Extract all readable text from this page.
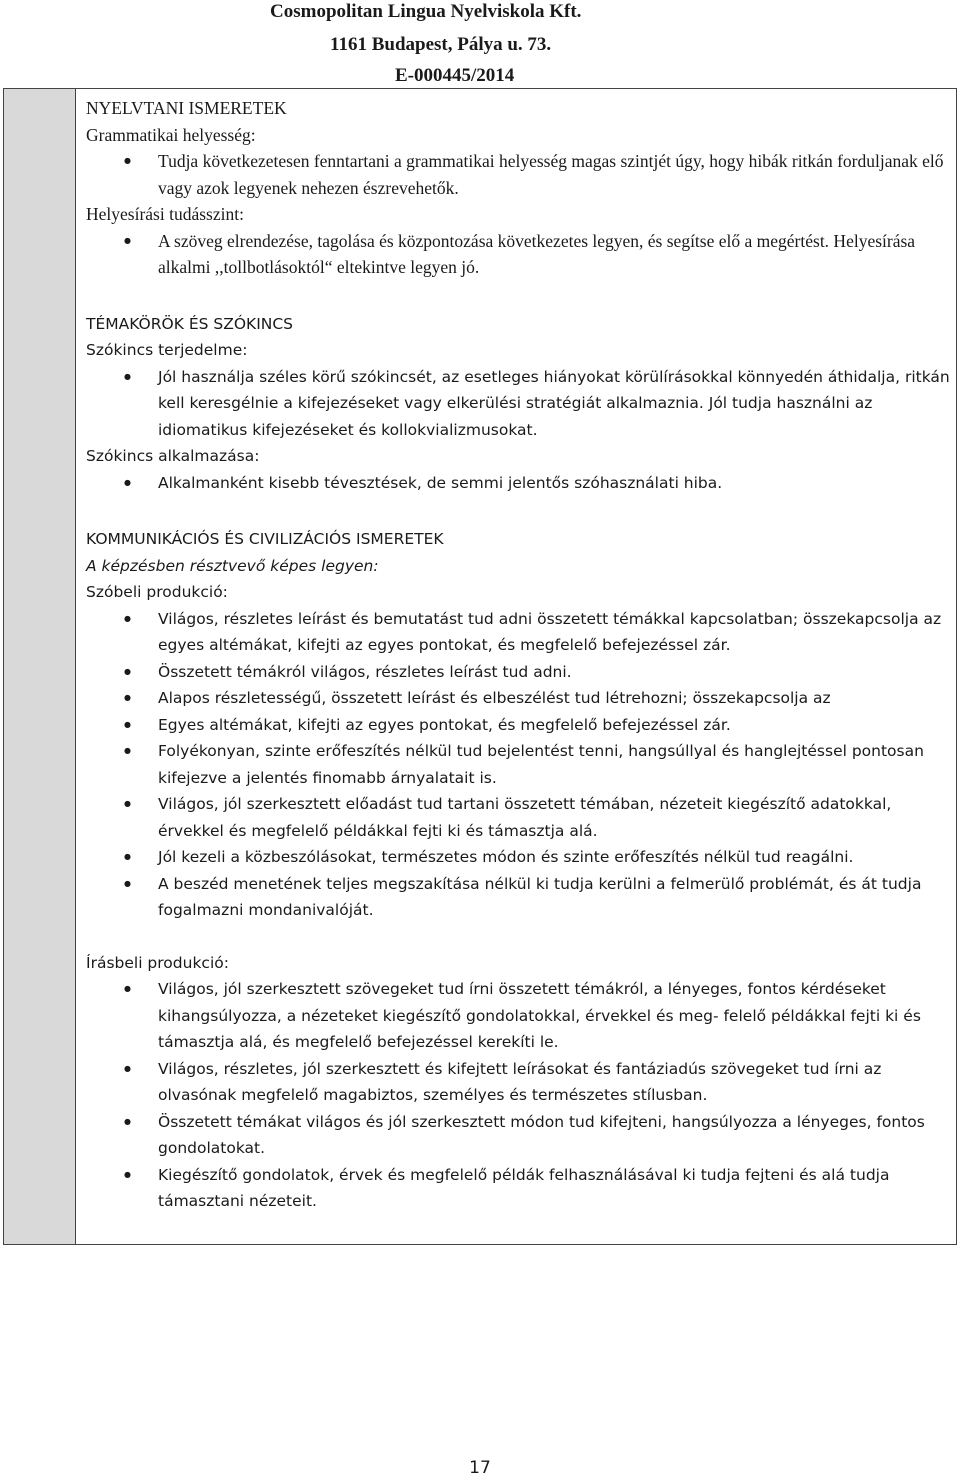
Cosmopolitan Lingua Nyelviskola Kft.
1161 Budapest, Pálya u. 73.
E-000445/2014
NYELVTANI ISMERETEK
Grammatikai helyesség:
● Tudja következetesen fenntartani a grammatikai helyesség magas szintjét úgy, hogy hibák ritkán forduljanak elő vagy azok legyenek nehezen észrevehetők.
Helyesírási tudásszint:
● A szöveg elrendezése, tagolása és központozása következetes legyen, és segítse elő a megértést. Helyesírása alkalmi ,,tollbotlásoktól“ eltekintve legyen jó.
TÉMAKÖRÖK ÉS SZÓKINCS
Szókincs terjedelme:
● Jól használja széles körű szókincsét, az esetleges hiányokat körülírásokkal könnyedén áthidalja, ritkán kell keresgélnie a kifejezéseket vagy elkerülési stratégiát alkalmaznia. Jól tudja használni az idiomatikus kifejezéseket és kollokvializmusokat.
Szókincs alkalmazása:
● Alkalmanként kisebb tévesztések, de semmi jelentős szóhasználati hiba.
KOMMUNIKÁCIÓS ÉS CIVILIZÁCIÓS ISMERETEK
A képzésben résztvevő képes legyen:
Szóbeli produkció:
● Világos, részletes leírást és bemutatást tud adni összetett témákkal kapcsolatban; összekapcsolja az egyes altémákat, kifejti az egyes pontokat, és megfelelő befejezéssel zár.
● Összetett témákról világos, részletes leírást tud adni.
● Alapos részletességű, összetett leírást és elbeszélést tud létrehozni; összekapcsolja az
● Egyes altémákat, kifejti az egyes pontokat, és megfelelő befejezéssel zár.
● Folyékonyan, szinte erőfeszítés nélkül tud bejelentést tenni, hangsúllyal és hanglejtéssel pontosan kifejezve a jelentés finomabb árnyalatait is.
● Világos, jól szerkesztett előadást tud tartani összetett témában, nézeteit kiegészítő adatokkal, érvekkel és megfelelő példákkal fejti ki és támasztja alá.
● Jól kezeli a közbeszólásokat, természetes módon és szinte erőfeszítés nélkül tud reagálni.
● A beszéd menetének teljes megszakítása nélkül ki tudja kerülni a felmerülő problémát, és át tudja fogalmazni mondanivalóját.
Írásbeli produkció:
● Világos, jól szerkesztett szövegeket tud írni összetett témákról, a lényeges, fontos kérdéseket kihangsúlyozza, a nézeteket kiegészítő gondolatokkal, érvekkel és meg- felelő példákkal fejti ki és támasztja alá, és megfelelő befejezéssel kerekíti le.
● Világos, részletes, jól szerkesztett és kifejtett leírásokat és fantáziadús szövegeket tud írni az olvasónak megfelelő magabiztos, személyes és természetes stílusban.
● Összetett témákat világos és jól szerkesztett módon tud kifejteni, hangsúlyozza a lényeges, fontos gondolatokat.
● Kiegészítő gondolatok, érvek és megfelelő példák felhasználásával ki tudja fejteni és alá tudja támasztani nézeteit.
17
